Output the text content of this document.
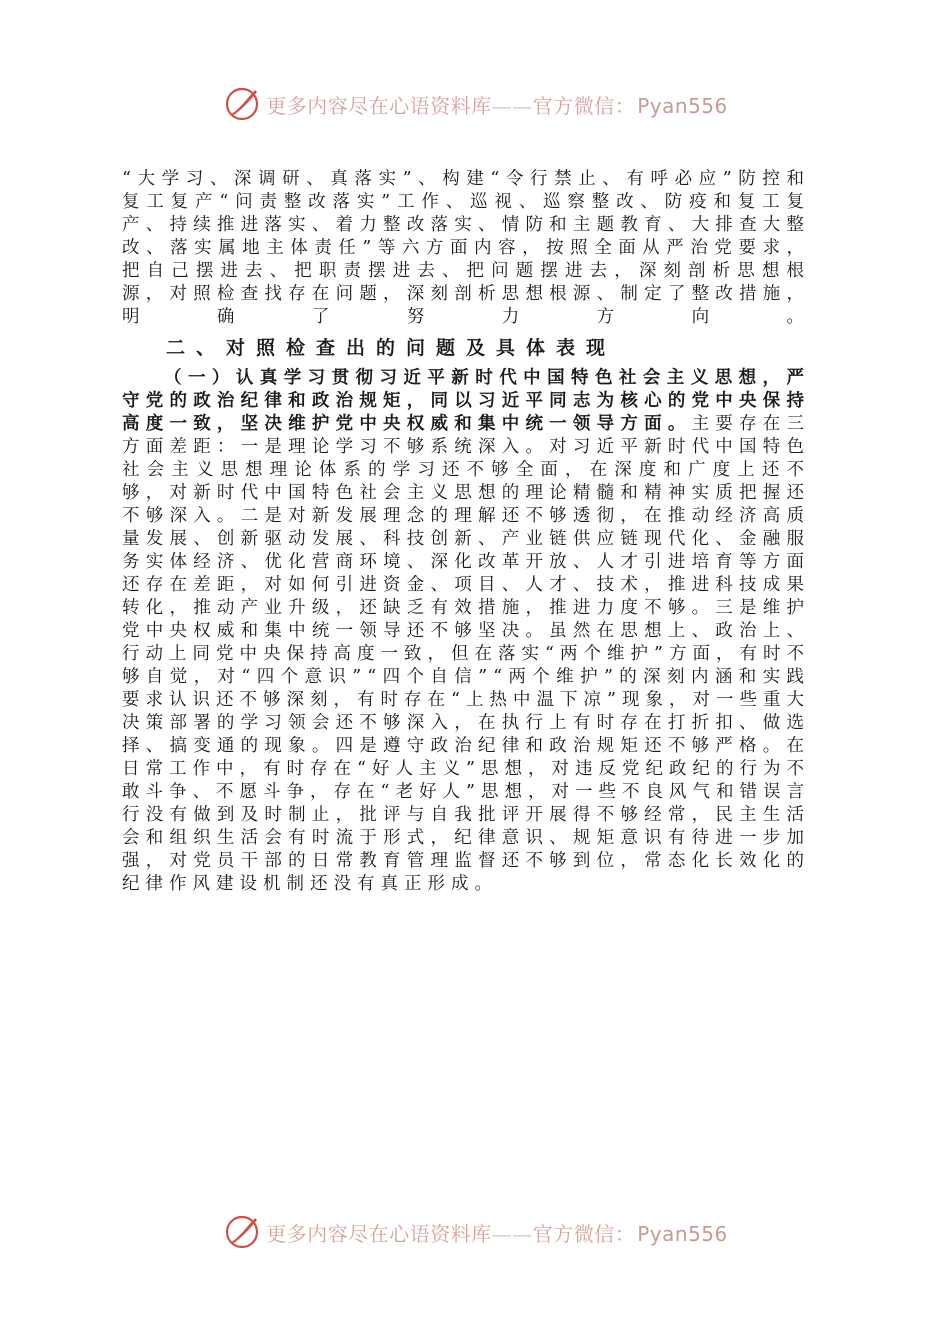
更多内容尽在心语资料库——官方微信： Pyan556

“大学习、深调研、真落实”、构建“令行禁止、有呼必应”防控和复工复产“问责整改落实”工作、巡视、巡察整改、防疫和复工复产、持续推进落实、着力整改落实、情防和主题教育、大排查大整改、落实属地主体责任”等六方面内容，按照全面从严治党要求，把自己摆进去、把职责摆进去、把问题摆进去，深刻剖析思想根源，对照检查找存在问题，深刻剖析思想根源、制定了整改措施，明确了努力方向。

二、对照检查出的问题及具体表现

（一）认真学习贯彻习近平新时代中国特色社会主义思想，严守党的政治纪律和政治规矩，同以习近平同志为核心的党中央保持高度一致，坚决维护党中央权威和集中统一领导方面。主要存在三方面差距：一是理论学习不够系统深入。对习近平新时代中国特色社会主义思想理论体系的学习还不够全面，在深度和广度上还不够，对新时代中国特色社会主义思想的理论精髓和精神实质把握还不够深入。二是对新发展理念的理解还不够透彻，在推动经济高质量发展、创新驱动发展、科技创新、产业链供应链现代化、金融服务实体经济、优化营商环境、深化改革开放、人才引进培育等方面还存在差距，对如何引进资金、项目、人才、技术，推进科技成果转化，推动产业升级，还缺乏有效措施，推进力度不够。三是维护党中央权威和集中统一领导还不够坚决。虽然在思想上、政治上、行动上同党中央保持高度一致，但在落实“两个维护”方面，有时不够自觉，对“四个意识”“四个自信”“两个维护”的深刻内涵和实践要求认识还不够深刻，有时存在“上热中温下凉”现象，对一些重大决策部署的学习领会还不够深入，在执行上有时存在打折扣、做选择、搞变通的现象。四是遵守政治纪律和政治规矩还不够严格。在日常工作中，有时存在“好人主义”思想，对违反党纪政纪的行为不敢斗争、不愿斗争，存在“老好人”思想，对一些不良风气和错误言行没有做到及时制止，批评与自我批评开展得不够经常，民主生活会和组织生活会有时流于形式，纪律意识、规矩意识有待进一步加强，对党员干部的日常教育管理监督还不够到位，常态化长效化的纪律作风建设机制还没有真正形成。

更多内容尽在心语资料库——官方微信： Pyan556
